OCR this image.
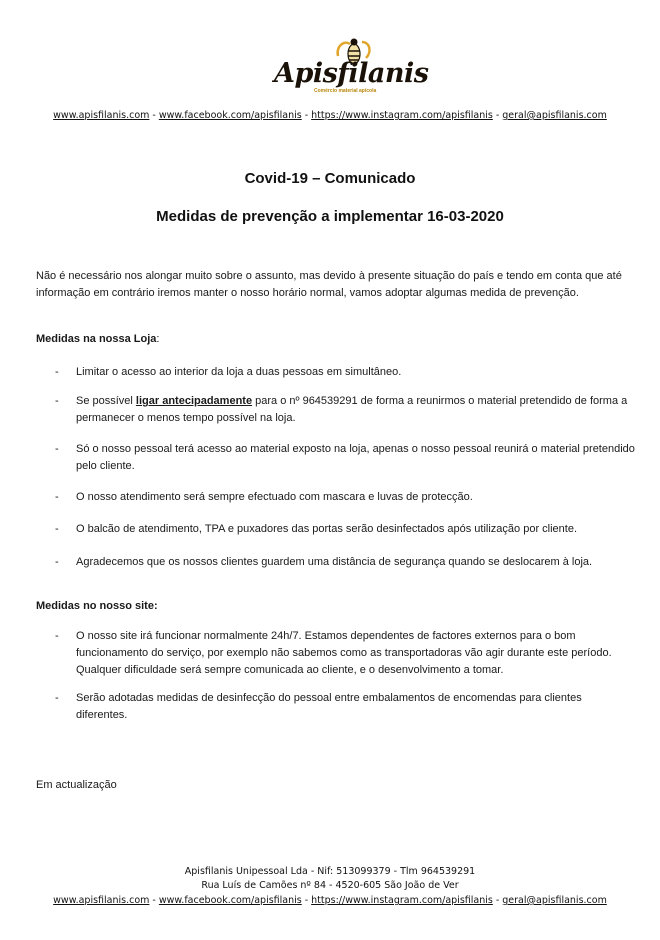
Apisfilanis
Comércio material apícola
www.apisfilanis.com - www.facebook.com/apisfilanis - https://www.instagram.com/apisfilanis - geral@apisfilanis.com
Covid-19 – Comunicado
Medidas de prevenção a implementar 16-03-2020
Não é necessário nos alongar muito sobre o assunto, mas devido à presente situação do país e tendo em conta que até informação em contrário iremos manter o nosso horário normal, vamos adoptar algumas medida de prevenção.
Medidas na nossa Loja:
- Limitar o acesso ao interior da loja a duas pessoas em simultâneo.
- Se possível ligar antecipadamente para o nº 964539291 de forma a reunirmos o material pretendido de forma a permanecer o menos tempo possível na loja.
- Só o nosso pessoal terá acesso ao material exposto na loja, apenas o nosso pessoal reunirá o material pretendido pelo cliente.
- O nosso atendimento será sempre efectuado com mascara e luvas de protecção.
- O balcão de atendimento, TPA e puxadores das portas serão desinfectados após utilização por cliente.
- Agradecemos que os nossos clientes guardem uma distância de segurança quando se deslocarem à loja.
Medidas no nosso site:
- O nosso site irá funcionar normalmente 24h/7. Estamos dependentes de factores externos para o bom funcionamento do serviço, por exemplo não sabemos como as transportadoras vão agir durante este período. Qualquer dificuldade será sempre comunicada ao cliente, e o desenvolvimento a tomar.
- Serão adotadas medidas de desinfecção do pessoal entre embalamentos de encomendas para clientes diferentes.
Em actualização
Apisfilanis Unipessoal Lda - Nif: 513099379 - Tlm 964539291
Rua Luís de Camões nº 84 - 4520-605 São João de Ver
www.apisfilanis.com - www.facebook.com/apisfilanis - https://www.instagram.com/apisfilanis - geral@apisfilanis.com
